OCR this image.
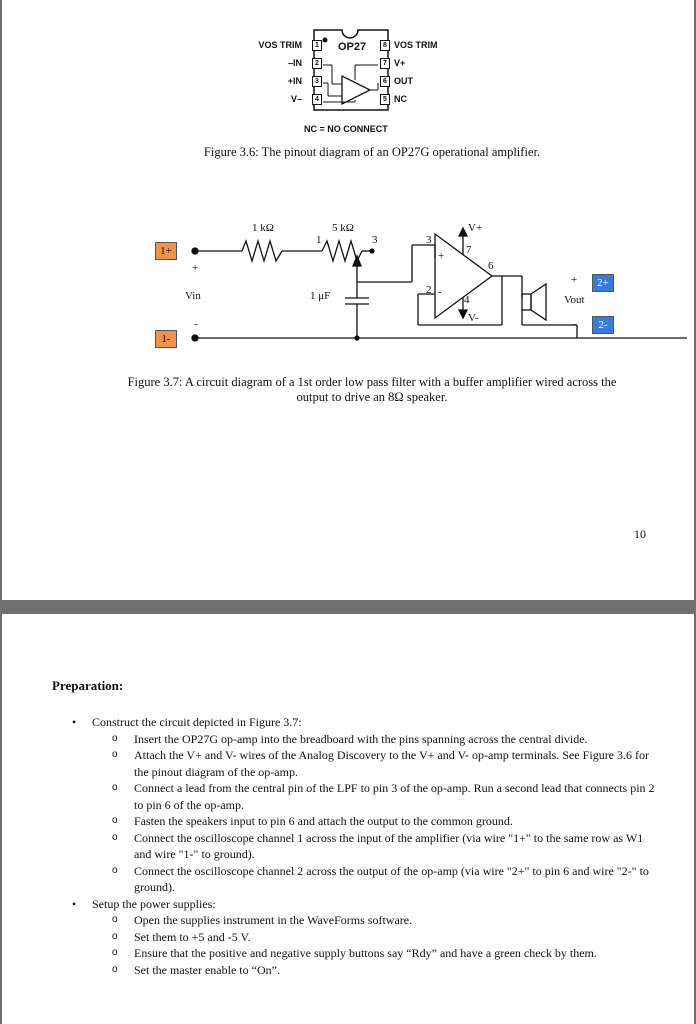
OP27
VOS TRIM
–IN
+IN
V–
1
2
3
4
8
7
6
5
VOS TRIM
V+
OUT
NC
NC = NO CONNECT
Figure 3.6: The pinout diagram of an OP27G operational amplifier.
1 kΩ	5 kΩ
1	3
1 μF
Vin
+
-
V+
V-
+
-
3
2
7
4
6
+
Vout
-
1+
1-
2+
2-
Figure 3.7: A circuit diagram of a 1st order low pass filter with a buffer amplifier wired across the
output to drive an 8Ω speaker.
10
Preparation:
• Construct the circuit depicted in Figure 3.7:
o Insert the OP27G op-amp into the breadboard with the pins spanning across the central divide.
o Attach the V+ and V- wires of the Analog Discovery to the V+ and V- op-amp terminals. See Figure 3.6 for the pinout diagram of the op-amp.
o Connect a lead from the central pin of the LPF to pin 3 of the op-amp. Run a second lead that connects pin 2 to pin 6 of the op-amp.
o Fasten the speakers input to pin 6 and attach the output to the common ground.
o Connect the oscilloscope channel 1 across the input of the amplifier (via wire "1+" to the same row as W1 and wire "1-" to ground).
o Connect the oscilloscope channel 2 across the output of the op-amp (via wire "2+" to pin 6 and wire "2-" to ground).
• Setup the power supplies:
o Open the supplies instrument in the WaveForms software.
o Set them to +5 and -5 V.
o Ensure that the positive and negative supply buttons say “Rdy” and have a green check by them.
o Set the master enable to “On”.
